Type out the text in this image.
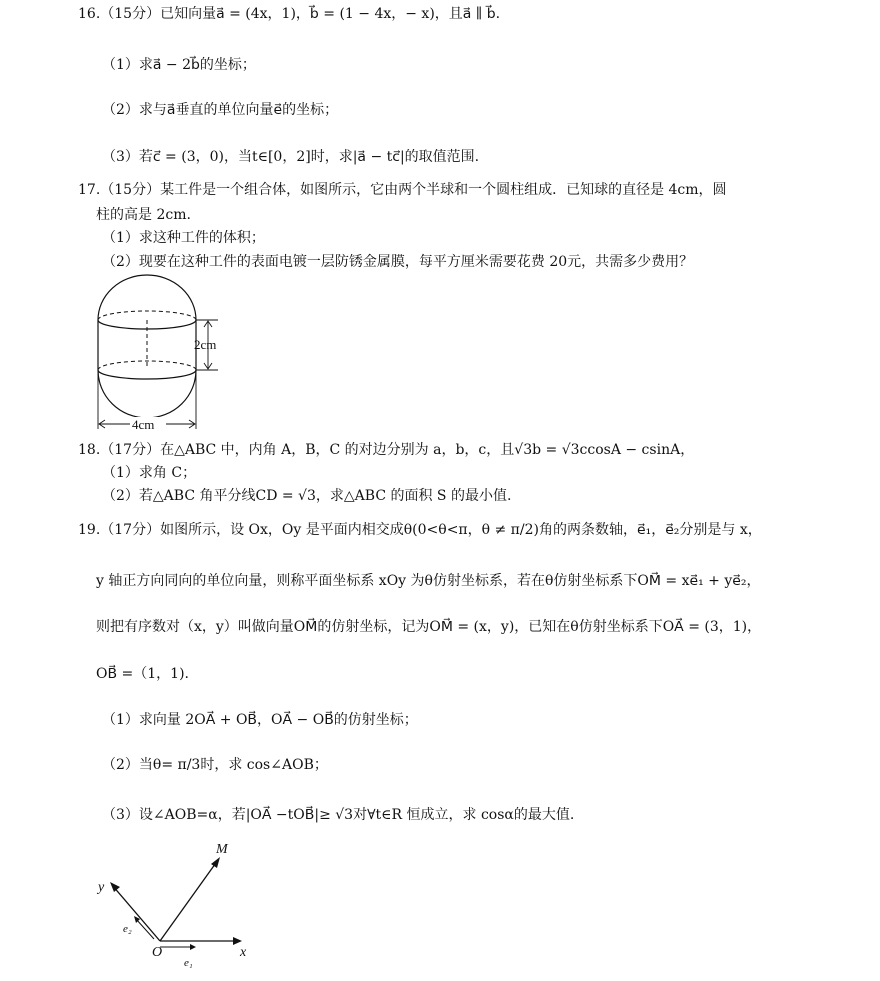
16.（15分）已知向量a⃗ = (4x，1)，b⃗ = (1 − 4x，− x)，且a⃗ ∥ b⃗.
（1）求a⃗ − 2b⃗的坐标；
（2）求与a⃗垂直的单位向量e⃗的坐标；
（3）若c⃗ = (3，0)，当t∈[0，2]时，求|a⃗ − tc⃗|的取值范围.
17.（15分）某工件是一个组合体，如图所示，它由两个半球和一个圆柱组成．已知球的直径是 4cm，圆
柱的高是 2cm.
（1）求这种工件的体积；
（2）现要在这种工件的表面电镀一层防锈金属膜，每平方厘米需要花费 20元，共需多少费用？
2cm
4cm
18.（17分）在△ABC 中，内角 A，B，C 的对边分别为 a，b，c，且√3b = √3ccosA − csinA，
（1）求角 C；
（2）若△ABC 角平分线CD = √3，求△ABC 的面积 S 的最小值.
19.（17分）如图所示，设 Ox，Oy 是平面内相交成θ(0<θ<π，θ ≠ π/2)角的两条数轴，e⃗₁，e⃗₂分别是与 x，
y 轴正方向同向的单位向量，则称平面坐标系 xOy 为θ仿射坐标系，若在θ仿射坐标系下OM⃗ = xe⃗₁ + ye⃗₂，
则把有序数对（x，y）叫做向量OM⃗的仿射坐标，记为OM⃗ = (x，y)，已知在θ仿射坐标系下OA⃗ = (3，1)，
OB⃗ =（1，1).
（1）求向量 2OA⃗ + OB⃗，OA⃗ − OB⃗的仿射坐标；
（2）当θ= π/3时，求 cos∠AOB；
（3）设∠AOB=α，若|OA⃗ −tOB⃗|≥ √3对∀t∈R 恒成立，求 cosα的最大值.
M
y
x
O
e₁
e₂
